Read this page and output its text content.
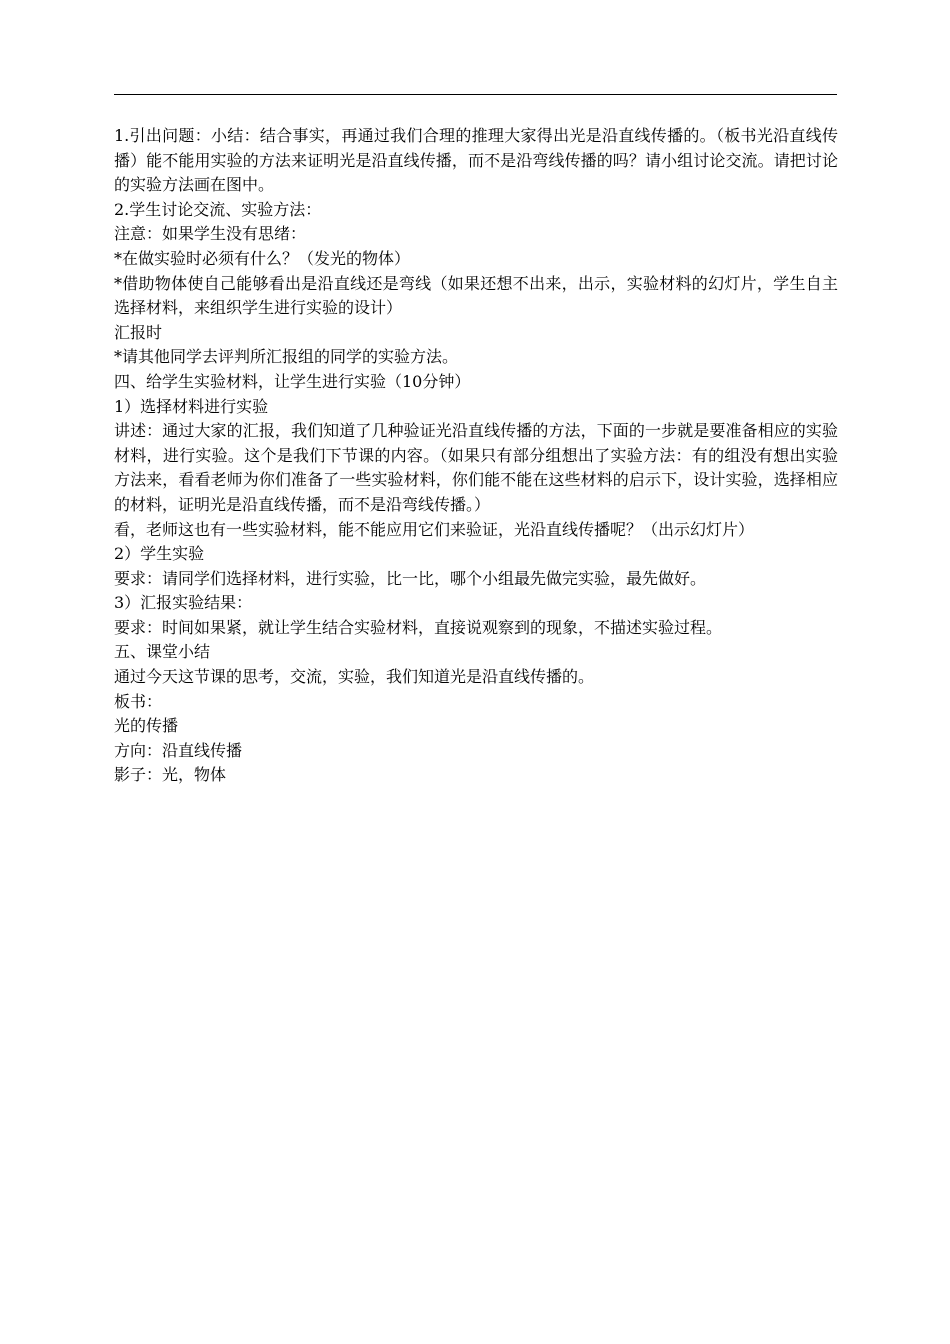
1.引出问题：小结：结合事实，再通过我们合理的推理大家得出光是沿直线传播的。（板书光沿直线传播）能不能用实验的方法来证明光是沿直线传播，而不是沿弯线传播的吗？请小组讨论交流。请把讨论的实验方法画在图中。

2.学生讨论交流、实验方法：

注意：如果学生没有思绪：

*在做实验时必须有什么？（发光的物体）

*借助物体使自己能够看出是沿直线还是弯线（如果还想不出来，出示，实验材料的幻灯片，学生自主选择材料，来组织学生进行实验的设计）

汇报时

*请其他同学去评判所汇报组的同学的实验方法。

四、给学生实验材料，让学生进行实验（10分钟）

1）选择材料进行实验

讲述：通过大家的汇报，我们知道了几种验证光沿直线传播的方法，下面的一步就是要准备相应的实验材料，进行实验。这个是我们下节课的内容。（如果只有部分组想出了实验方法：有的组没有想出实验方法来，看看老师为你们准备了一些实验材料，你们能不能在这些材料的启示下，设计实验，选择相应的材料，证明光是沿直线传播，而不是沿弯线传播。）

看，老师这也有一些实验材料，能不能应用它们来验证，光沿直线传播呢？（出示幻灯片）

2）学生实验

要求：请同学们选择材料，进行实验，比一比，哪个小组最先做完实验，最先做好。

3）汇报实验结果：

要求：时间如果紧，就让学生结合实验材料，直接说观察到的现象，不描述实验过程。

五、课堂小结

通过今天这节课的思考，交流，实验，我们知道光是沿直线传播的。

板书：

光的传播

方向：沿直线传播

影子：光，物体
